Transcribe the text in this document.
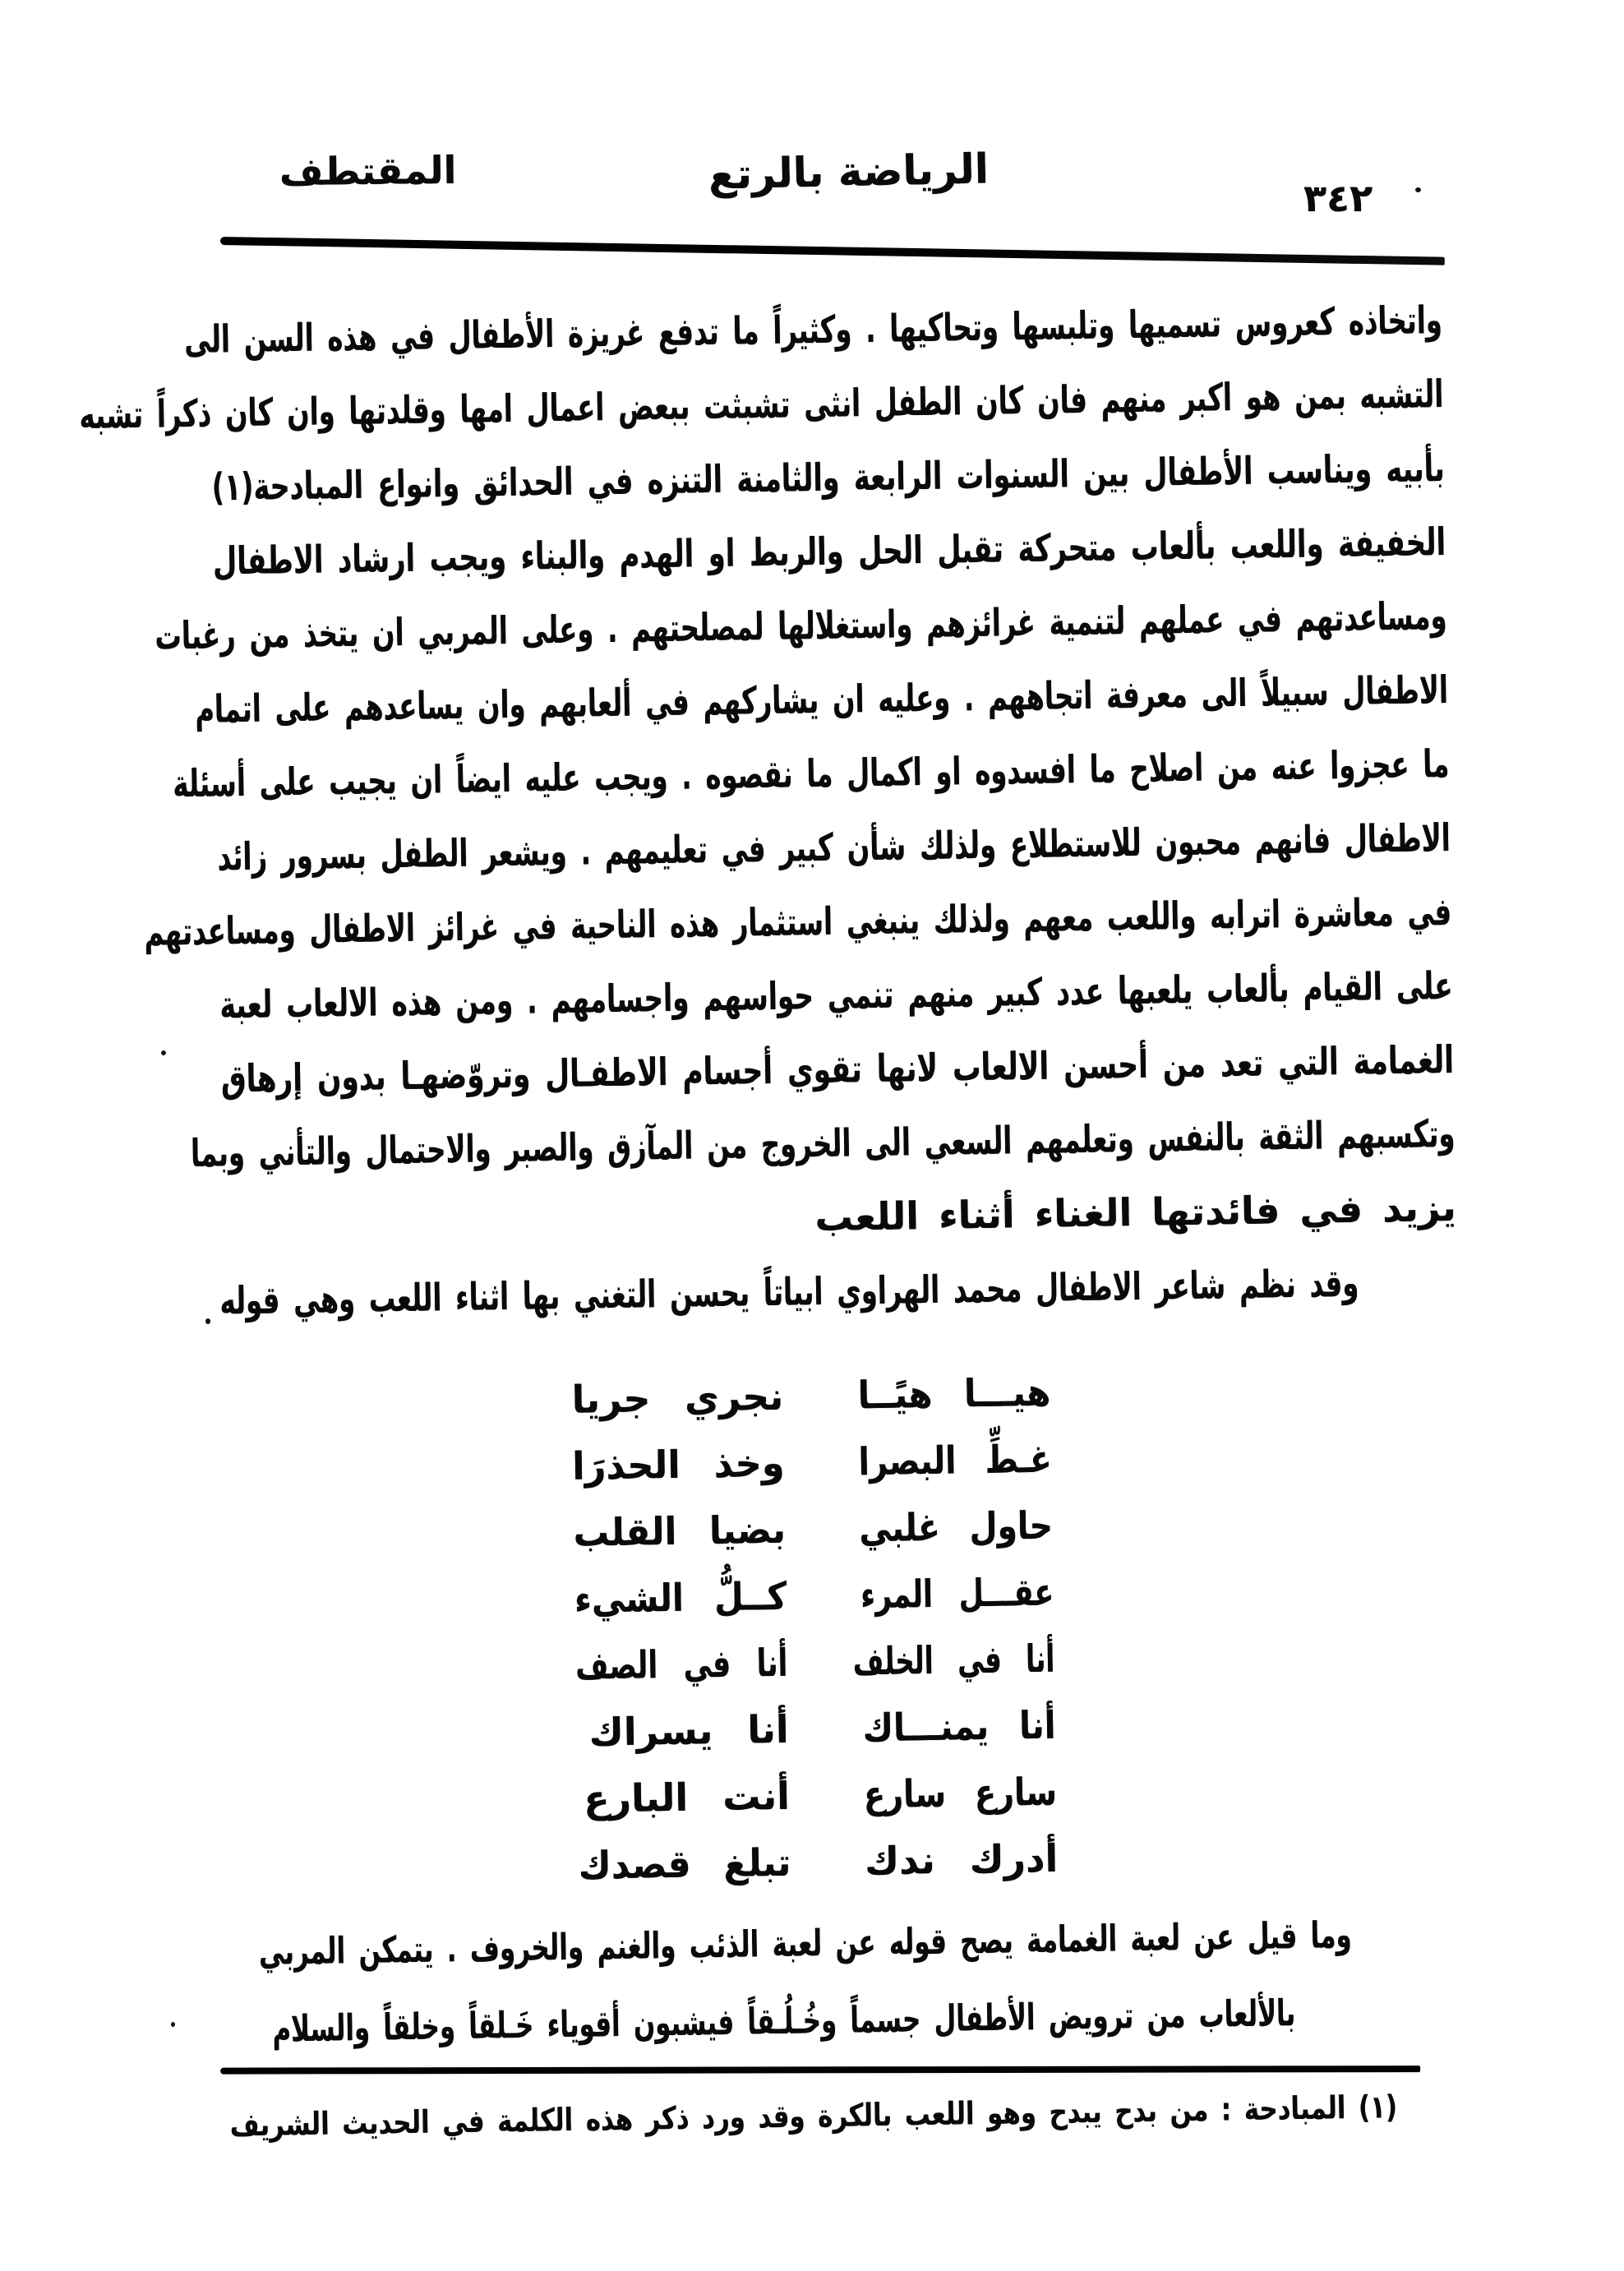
المقتطف	الرياضة بالرتع	٣٤٢
واتخاذه كعروس تسميها وتلبسها وتحاكيها . وكثيراً ما تدفع غريزة الأطفال في هذه السن الى
التشبه بمن هو اكبر منهم فان كان الطفل انثى تشبثت ببعض اعمال امها وقلدتها وان كان ذكراً تشبه
بأبيه ويناسب الأطفال بين السنوات الرابعة والثامنة التنزه في الحدائق وانواع المبادحة(١)
الخفيفة واللعب بألعاب متحركة تقبل الحل والربط او الهدم والبناء ويجب ارشاد الاطفال
ومساعدتهم في عملهم لتنمية غرائزهم واستغلالها لمصلحتهم . وعلى المربي ان يتخذ من رغبات
الاطفال سبيلاً الى معرفة اتجاههم . وعليه ان يشاركهم في ألعابهم وان يساعدهم على اتمام
ما عجزوا عنه من اصلاح ما افسدوه او اكمال ما نقصوه . ويجب عليه ايضاً ان يجيب على أسئلة
الاطفال فانهم محبون للاستطلاع ولذلك شأن كبير في تعليمهم . ويشعر الطفل بسرور زائد
في معاشرة اترابه واللعب معهم ولذلك ينبغي استثمار هذه الناحية في غرائز الاطفال ومساعدتهم
على القيام بألعاب يلعبها عدد كبير منهم تنمي حواسهم واجسامهم . ومن هذه الالعاب لعبة
الغمامة التي تعد من أحسن الالعاب لانها تقوي أجسام الاطفـال وتروّضهـا بدون إرهاق
وتكسبهم الثقة بالنفس وتعلمهم السعي الى الخروج من المآزق والصبر والاحتمال والتأني وبما
يزيد في فائدتها الغناء أثناء اللعب
وقد نظم شاعر الاطفال محمد الهراوي ابياتاً يحسن التغني بها اثناء اللعب وهي قوله
هيـــا هيًــا
نجري جريا
غـطِّ البصرا
وخذ الحذرَا
حاول غلبي
بضيا القلب
عقـــل المرء
كــلُّ الشيء
أنا في الخلف
أنا في الصف
أنا يمنـــاك
أنا يسراك
سارع سارع
أنت البارع
أدرك ندك
تبلغ قصدك
وما قيل عن لعبة الغمامة يصح قوله عن لعبة الذئب والغنم والخروف . يتمكن المربي
بالألعاب من ترويض الأطفال جسماً وخُـلُـقاً فيشبون أقوياء خَـلقاً وخلقاً والسلام
(١) المبادحة : من بدح يبدح وهو اللعب بالكرة وقد ورد ذكر هذه الكلمة في الحديث الشريف
